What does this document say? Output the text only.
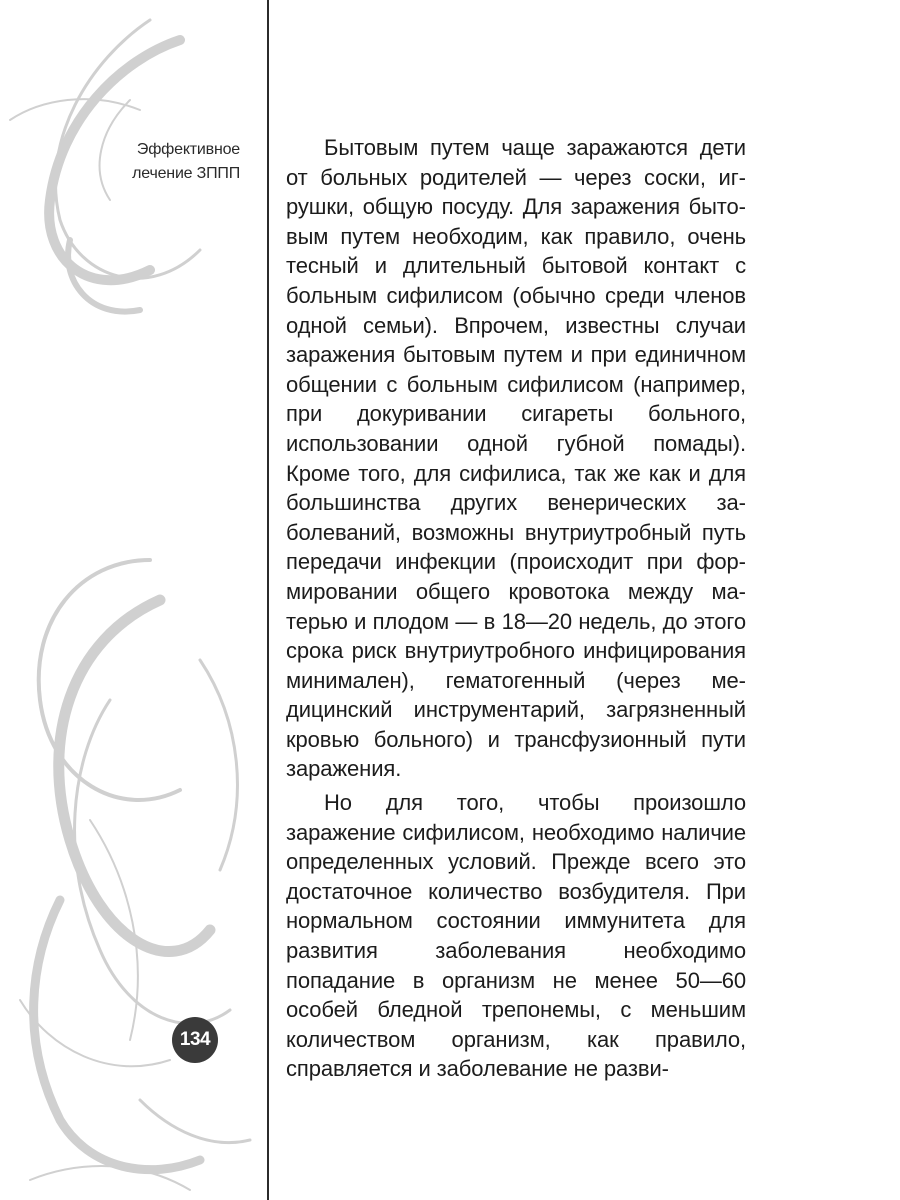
Эффективное
лечение ЗППП

Бытовым путем чаще заражаются дети от больных родителей — через соски, игрушки, общую посуду. Для заражения бытовым путем необходим, как правило, очень тесный и длительный бытовой контакт с больным сифилисом (обычно среди членов одной семьи). Впрочем, известны случаи заражения бытовым путем и при единичном общении с больным сифилисом (например, при докуривании сигареты больного, использовании одной губной помады). Кроме того, для сифилиса, так же как и для большинства других венерических заболеваний, возможны внутриутробный путь передачи инфекции (происходит при формировании общего кровотока между матерью и плодом — в 18—20 недель, до этого срока риск внутриутробного инфицирования минимален), гематогенный (через медицинский инструментарий, загрязненный кровью больного) и трансфузионный пути заражения.

Но для того, чтобы произошло заражение сифилисом, необходимо наличие определенных условий. Прежде всего это достаточное количество возбудителя. При нормальном состоянии иммунитета для развития заболевания необходимо попадание в организм не менее 50—60 особей бледной трепонемы, с меньшим количеством организм, как правило, справляется и заболевание не разви-

134
